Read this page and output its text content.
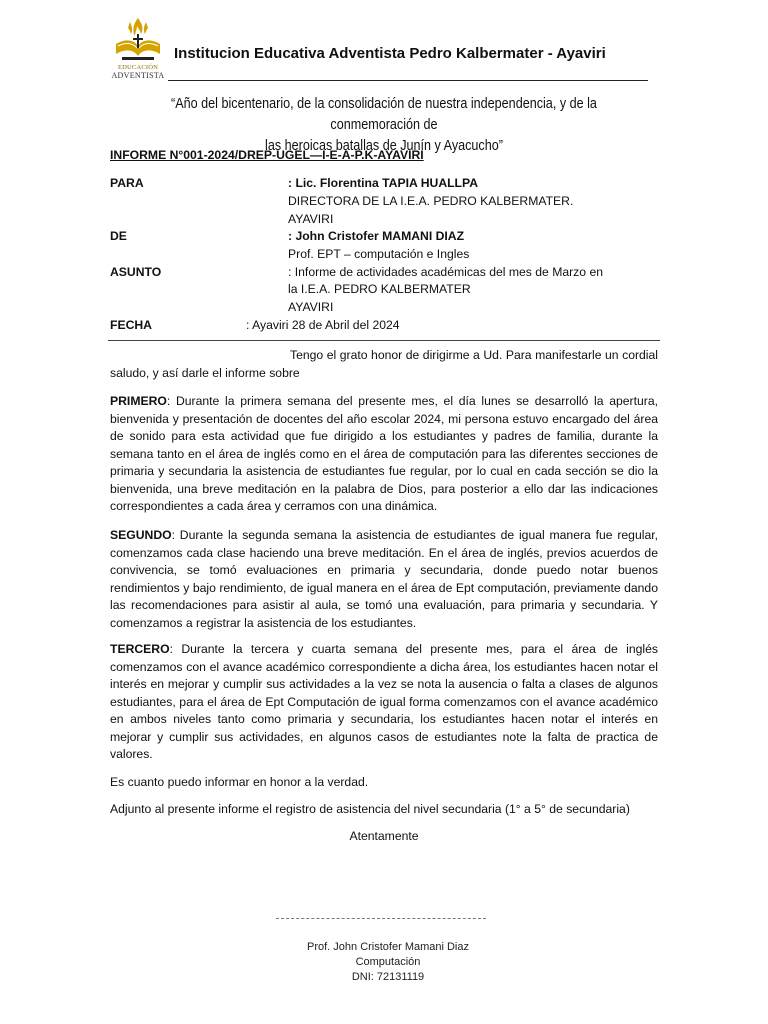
EDUCACIÓN
ADVENTISTA
Institucion Educativa Adventista Pedro Kalbermater - Ayaviri
“Año del bicentenario, de la consolidación de nuestra independencia, y de la conmemoración de
las heroicas batallas de Junín y Ayacucho”
INFORME N°001-2024/DREP-UGEL—I-E-A-P.K-AYAVIRI
PARA	: Lic. Florentina TAPIA HUALLPA
DIRECTORA DE LA I.E.A. PEDRO KALBERMATER.
AYAVIRI
DE	: John Cristofer MAMANI DIAZ
Prof. EPT – computación e Ingles
ASUNTO	: Informe de actividades académicas del mes de Marzo en
la I.E.A. PEDRO KALBERMATER
AYAVIRI
FECHA	: Ayaviri 28 de Abril del 2024
Tengo el grato honor de dirigirme a Ud. Para manifestarle un cordial saludo, y así darle el informe sobre
PRIMERO: Durante la primera semana del presente mes, el día lunes se desarrolló la apertura, bienvenida y presentación de docentes del año escolar 2024, mi persona estuvo encargado del área de sonido para esta actividad que fue dirigido a los estudiantes y padres de familia, durante la semana tanto en el área de inglés como en el área de computación para las diferentes secciones de primaria y secundaria la asistencia de estudiantes fue regular, por lo cual en cada sección se dio la bienvenida, una breve meditación en la palabra de Dios, para posterior a ello dar las indicaciones correspondientes a cada área y cerramos con una dinámica.
SEGUNDO: Durante la segunda semana la asistencia de estudiantes de igual manera fue regular, comenzamos cada clase haciendo una breve meditación. En el área de inglés, previos acuerdos de convivencia, se tomó evaluaciones en primaria y secundaria, donde puedo notar buenos rendimientos y bajo rendimiento, de igual manera en el área de Ept computación, previamente dando las recomendaciones para asistir al aula, se tomó una evaluación, para primaria y secundaria. Y comenzamos a registrar la asistencia de los estudiantes.
TERCERO: Durante la tercera y cuarta semana del presente mes, para el área de inglés comenzamos con el avance académico correspondiente a dicha área, los estudiantes hacen notar el interés en mejorar y cumplir sus actividades a la vez se nota la ausencia o falta a clases de algunos estudiantes, para el área de Ept Computación de igual forma comenzamos con el avance académico en ambos niveles tanto como primaria y secundaria, los estudiantes hacen notar el interés en mejorar y cumplir sus actividades, en algunos casos de estudiantes note la falta de practica de valores.
Es cuanto puedo informar en honor a la verdad.
Adjunto al presente informe el registro de asistencia del nivel secundaria (1° a 5° de secundaria)
Atentamente
Prof. John Cristofer Mamani Diaz
Computación
DNI: 72131119
